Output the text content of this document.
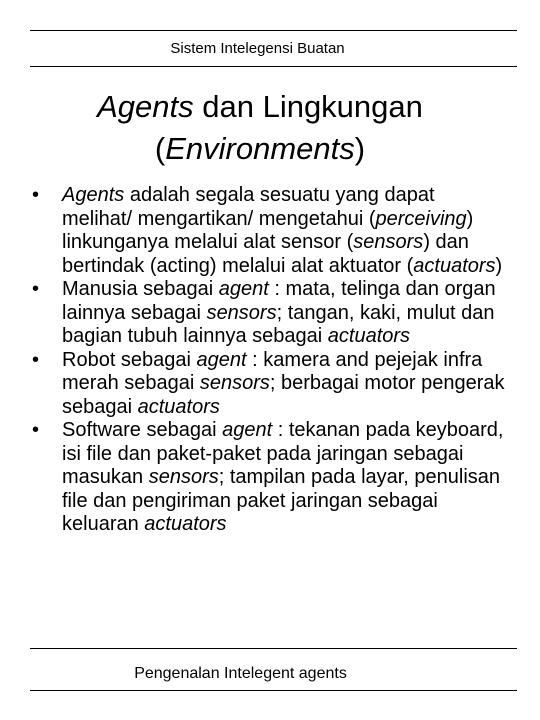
Sistem Intelegensi Buatan
Agents dan Lingkungan
(Environments)
• Agents adalah segala sesuatu yang dapat melihat/ mengartikan/ mengetahui (perceiving) linkunganya melalui alat sensor (sensors) dan bertindak (acting) melalui alat aktuator (actuators)
• Manusia sebagai agent : mata, telinga dan organ lainnya sebagai sensors; tangan, kaki, mulut dan bagian tubuh lainnya sebagai actuators
• Robot sebagai agent : kamera and pejejak infra merah sebagai sensors; berbagai motor pengerak sebagai actuators
• Software sebagai agent : tekanan pada keyboard, isi file dan paket-paket pada jaringan sebagai masukan sensors; tampilan pada layar, penulisan file dan pengiriman paket jaringan sebagai keluaran actuators
Pengenalan Intelegent agents
